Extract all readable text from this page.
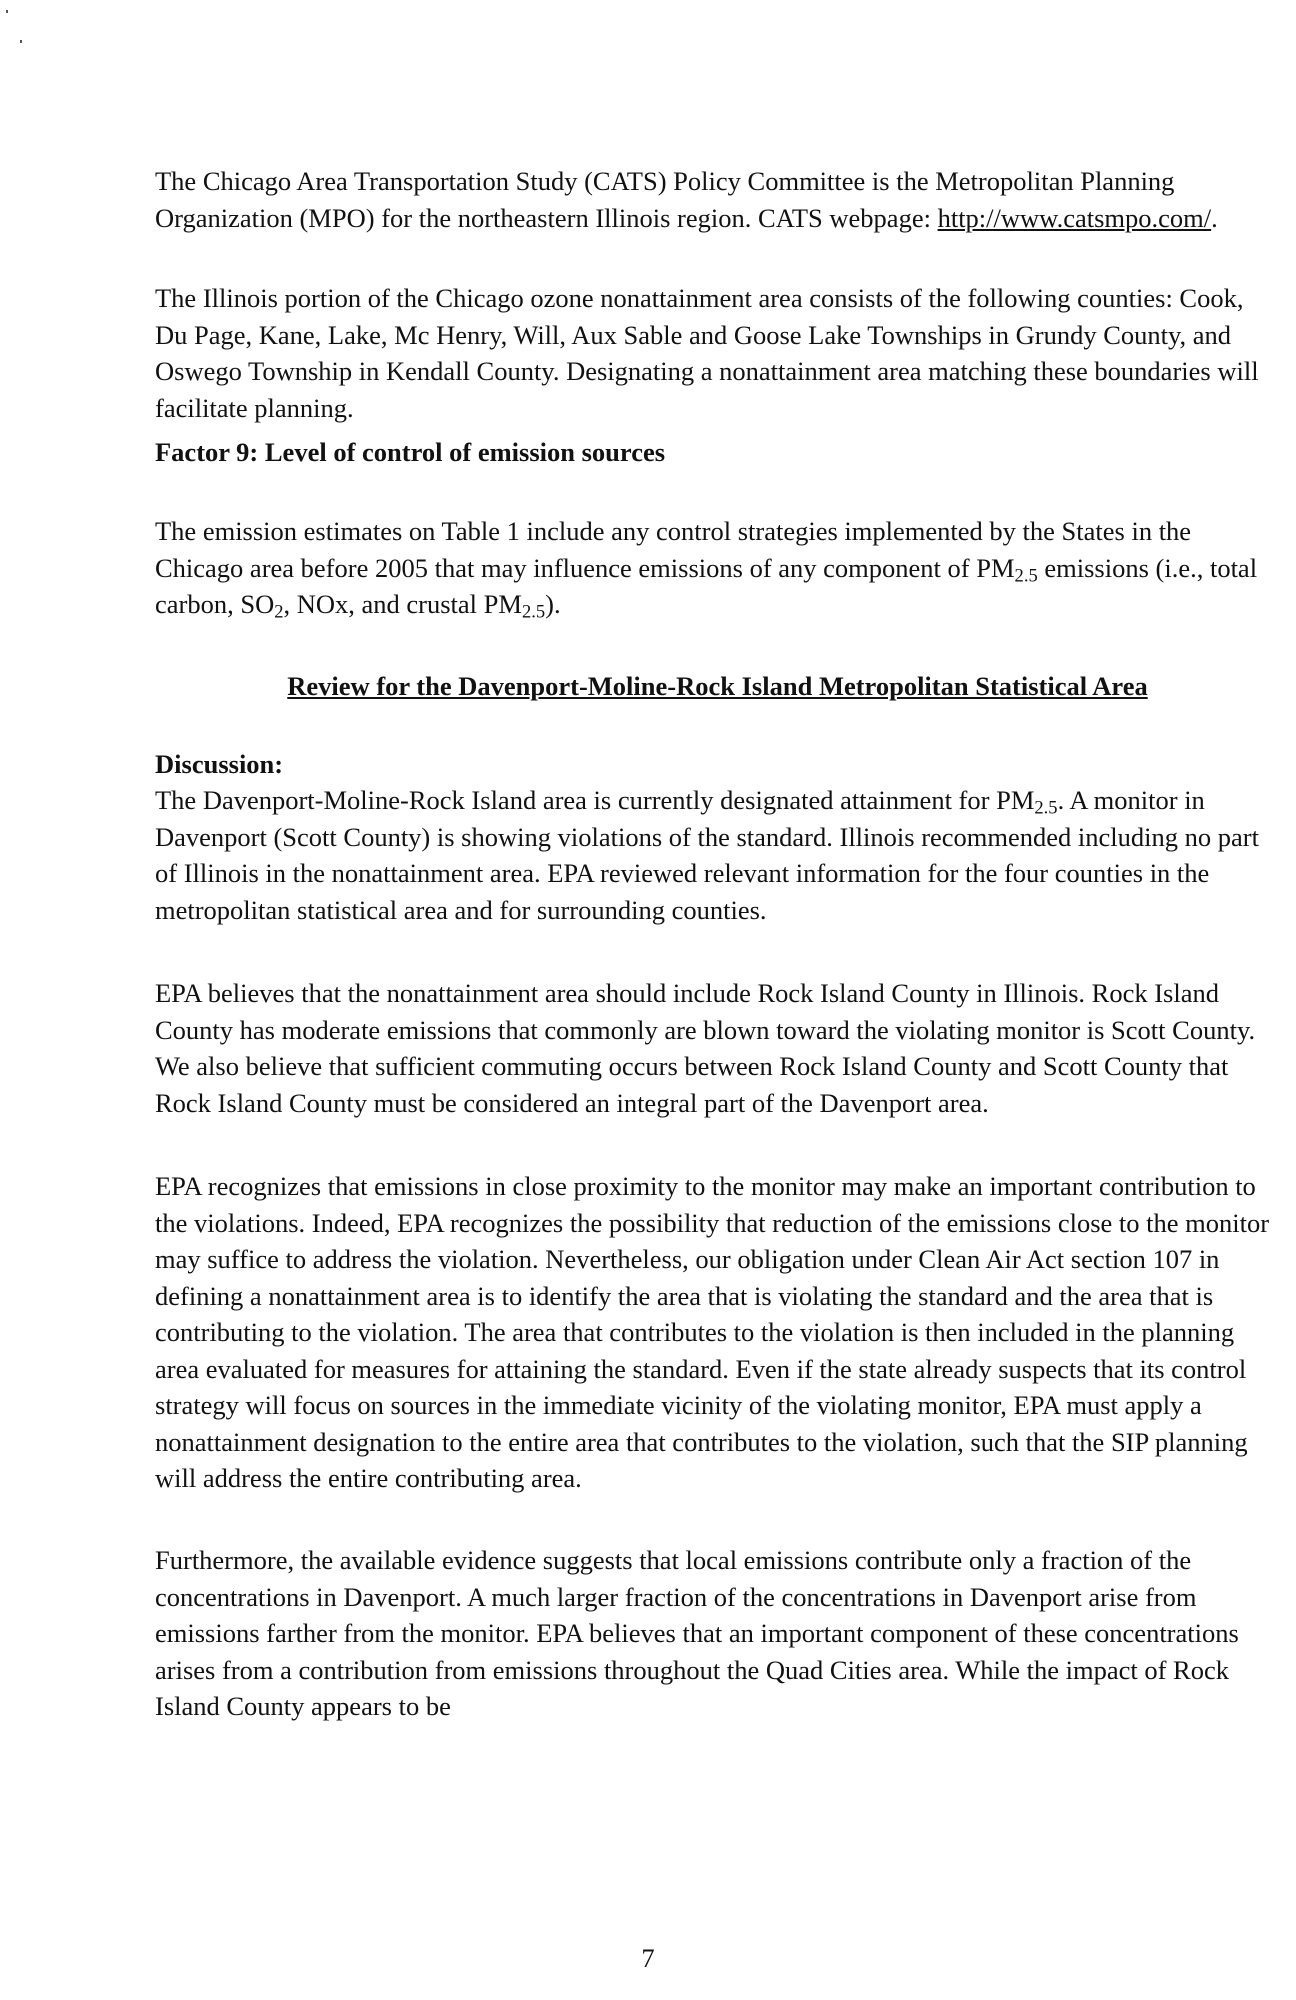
The Chicago Area Transportation Study (CATS) Policy Committee is the Metropolitan Planning Organization (MPO) for the northeastern Illinois region. CATS webpage: http://www.catsmpo.com/.

The Illinois portion of the Chicago ozone nonattainment area consists of the following counties: Cook, Du Page, Kane, Lake, Mc Henry, Will, Aux Sable and Goose Lake Townships in Grundy County, and Oswego Township in Kendall County. Designating a nonattainment area matching these boundaries will facilitate planning.

Factor 9: Level of control of emission sources

The emission estimates on Table 1 include any control strategies implemented by the States in the Chicago area before 2005 that may influence emissions of any component of $PM_{2.5}$ emissions (i.e., total carbon, $SO_2$, NOx, and crustal $PM_{2.5}$).

Review for the Davenport-Moline-Rock Island Metropolitan Statistical Area

Discussion:

The Davenport-Moline-Rock Island area is currently designated attainment for $PM_{2.5}$. A monitor in Davenport (Scott County) is showing violations of the standard. Illinois recommended including no part of Illinois in the nonattainment area. EPA reviewed relevant information for the four counties in the metropolitan statistical area and for surrounding counties.

EPA believes that the nonattainment area should include Rock Island County in Illinois. Rock Island County has moderate emissions that commonly are blown toward the violating monitor is Scott County. We also believe that sufficient commuting occurs between Rock Island County and Scott County that Rock Island County must be considered an integral part of the Davenport area.

EPA recognizes that emissions in close proximity to the monitor may make an important contribution to the violations. Indeed, EPA recognizes the possibility that reduction of the emissions close to the monitor may suffice to address the violation. Nevertheless, our obligation under Clean Air Act section 107 in defining a nonattainment area is to identify the area that is violating the standard and the area that is contributing to the violation. The area that contributes to the violation is then included in the planning area evaluated for measures for attaining the standard. Even if the state already suspects that its control strategy will focus on sources in the immediate vicinity of the violating monitor, EPA must apply a nonattainment designation to the entire area that contributes to the violation, such that the SIP planning will address the entire contributing area.

Furthermore, the available evidence suggests that local emissions contribute only a fraction of the concentrations in Davenport. A much larger fraction of the concentrations in Davenport arise from emissions farther from the monitor. EPA believes that an important component of these concentrations arises from a contribution from emissions throughout the Quad Cities area. While the impact of Rock Island County appears to be

7
